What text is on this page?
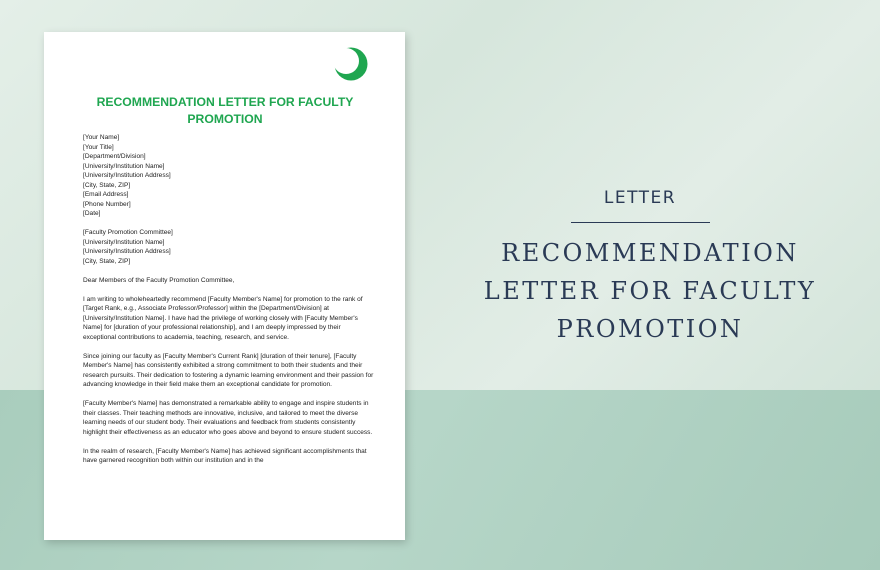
RECOMMENDATION LETTER FOR FACULTY PROMOTION
[Your Name]
[Your Title]
[Department/Division]
[University/Institution Name]
[University/Institution Address]
[City, State, ZIP]
[Email Address]
[Phone Number]
[Date]
[Faculty Promotion Committee]
[University/Institution Name]
[University/Institution Address]
[City, State, ZIP]

Dear Members of the Faculty Promotion Committee,

I am writing to wholeheartedly recommend [Faculty Member's Name] for promotion to the rank of [Target Rank, e.g., Associate Professor/Professor] within the [Department/Division] at [University/Institution Name]. I have had the privilege of working closely with [Faculty Member's Name] for [duration of your professional relationship], and I am deeply impressed by their exceptional contributions to academia, teaching, research, and service.

Since joining our faculty as [Faculty Member's Current Rank] [duration of their tenure], [Faculty Member's Name] has consistently exhibited a strong commitment to both their students and their research pursuits. Their dedication to fostering a dynamic learning environment and their passion for advancing knowledge in their field make them an exceptional candidate for promotion.

[Faculty Member's Name] has demonstrated a remarkable ability to engage and inspire students in their classes. Their teaching methods are innovative, inclusive, and tailored to meet the diverse learning needs of our student body. Their evaluations and feedback from students consistently highlight their effectiveness as an educator who goes above and beyond to ensure student success.

In the realm of research, [Faculty Member's Name] has achieved significant accomplishments that have garnered recognition both within our institution and in the

LETTER
RECOMMENDATION LETTER FOR FACULTY PROMOTION
